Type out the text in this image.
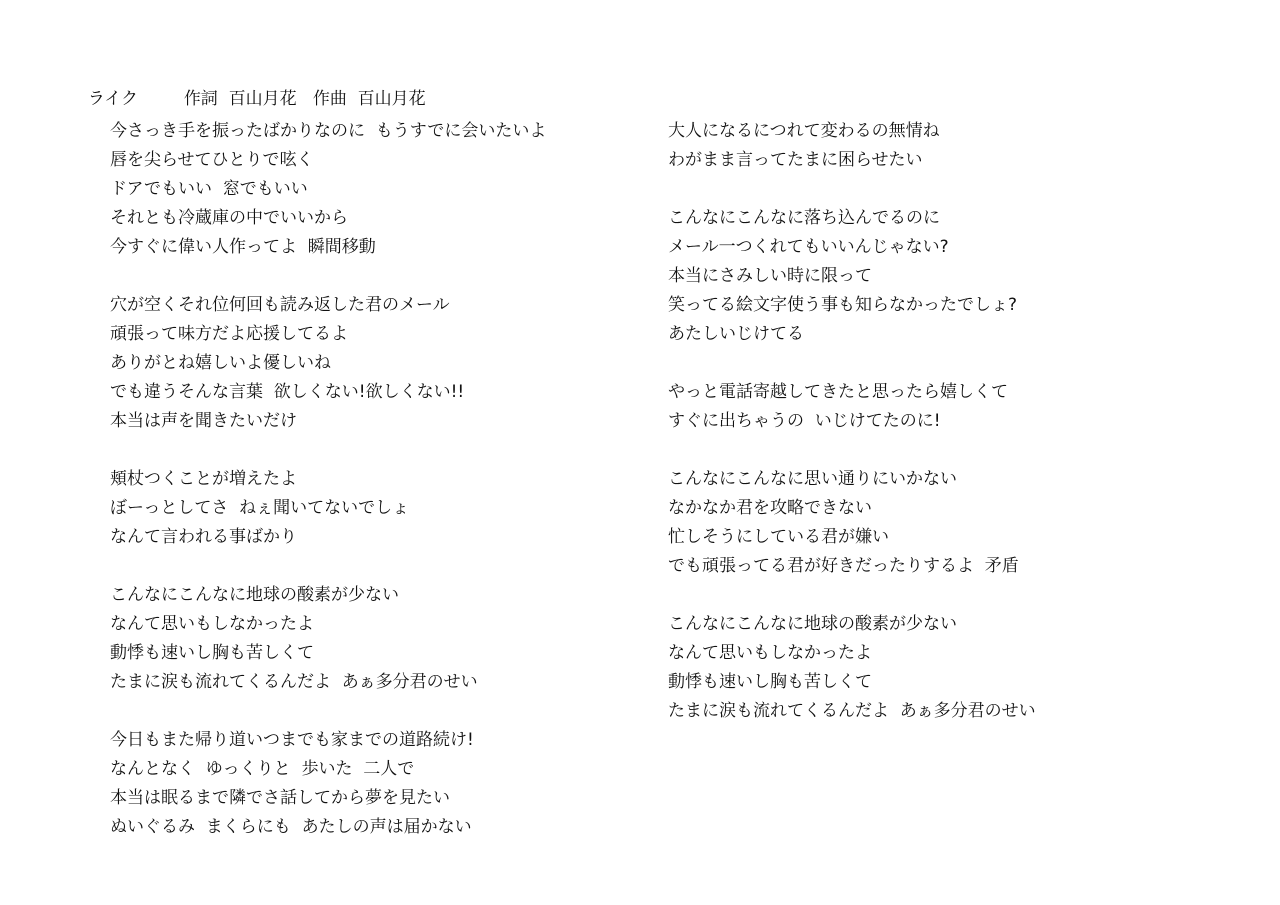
ライク	作詞  百山月花   作曲  百山月花

今さっき手を振ったばかりなのに  もうすでに会いたいよ
唇を尖らせてひとりで呟く
ドアでもいい  窓でもいい
それとも冷蔵庫の中でいいから
今すぐに偉い人作ってよ  瞬間移動
穴が空くそれ位何回も読み返した君のメール
頑張って味方だよ応援してるよ
ありがとね嬉しいよ優しいね
でも違うそんな言葉  欲しくない!欲しくない!!
本当は声を聞きたいだけ
頬杖つくことが増えたよ
ぼーっとしてさ  ねぇ聞いてないでしょ
なんて言われる事ばかり
こんなにこんなに地球の酸素が少ない
なんて思いもしなかったよ
動悸も速いし胸も苦しくて
たまに涙も流れてくるんだよ  あぁ多分君のせい
今日もまた帰り道いつまでも家までの道路続け!
なんとなく  ゆっくりと  歩いた  二人で
本当は眠るまで隣でさ話してから夢を見たい
ぬいぐるみ  まくらにも  あたしの声は届かない
大人になるにつれて変わるの無情ね
わがまま言ってたまに困らせたい
こんなにこんなに落ち込んでるのに
メール一つくれてもいいんじゃない?
本当にさみしい時に限って
笑ってる絵文字使う事も知らなかったでしょ?
あたしいじけてる
やっと電話寄越してきたと思ったら嬉しくて
すぐに出ちゃうの  いじけてたのに!
こんなにこんなに思い通りにいかない
なかなか君を攻略できない
忙しそうにしている君が嫌い
でも頑張ってる君が好きだったりするよ  矛盾
こんなにこんなに地球の酸素が少ない
なんて思いもしなかったよ
動悸も速いし胸も苦しくて
たまに涙も流れてくるんだよ  あぁ多分君のせい
